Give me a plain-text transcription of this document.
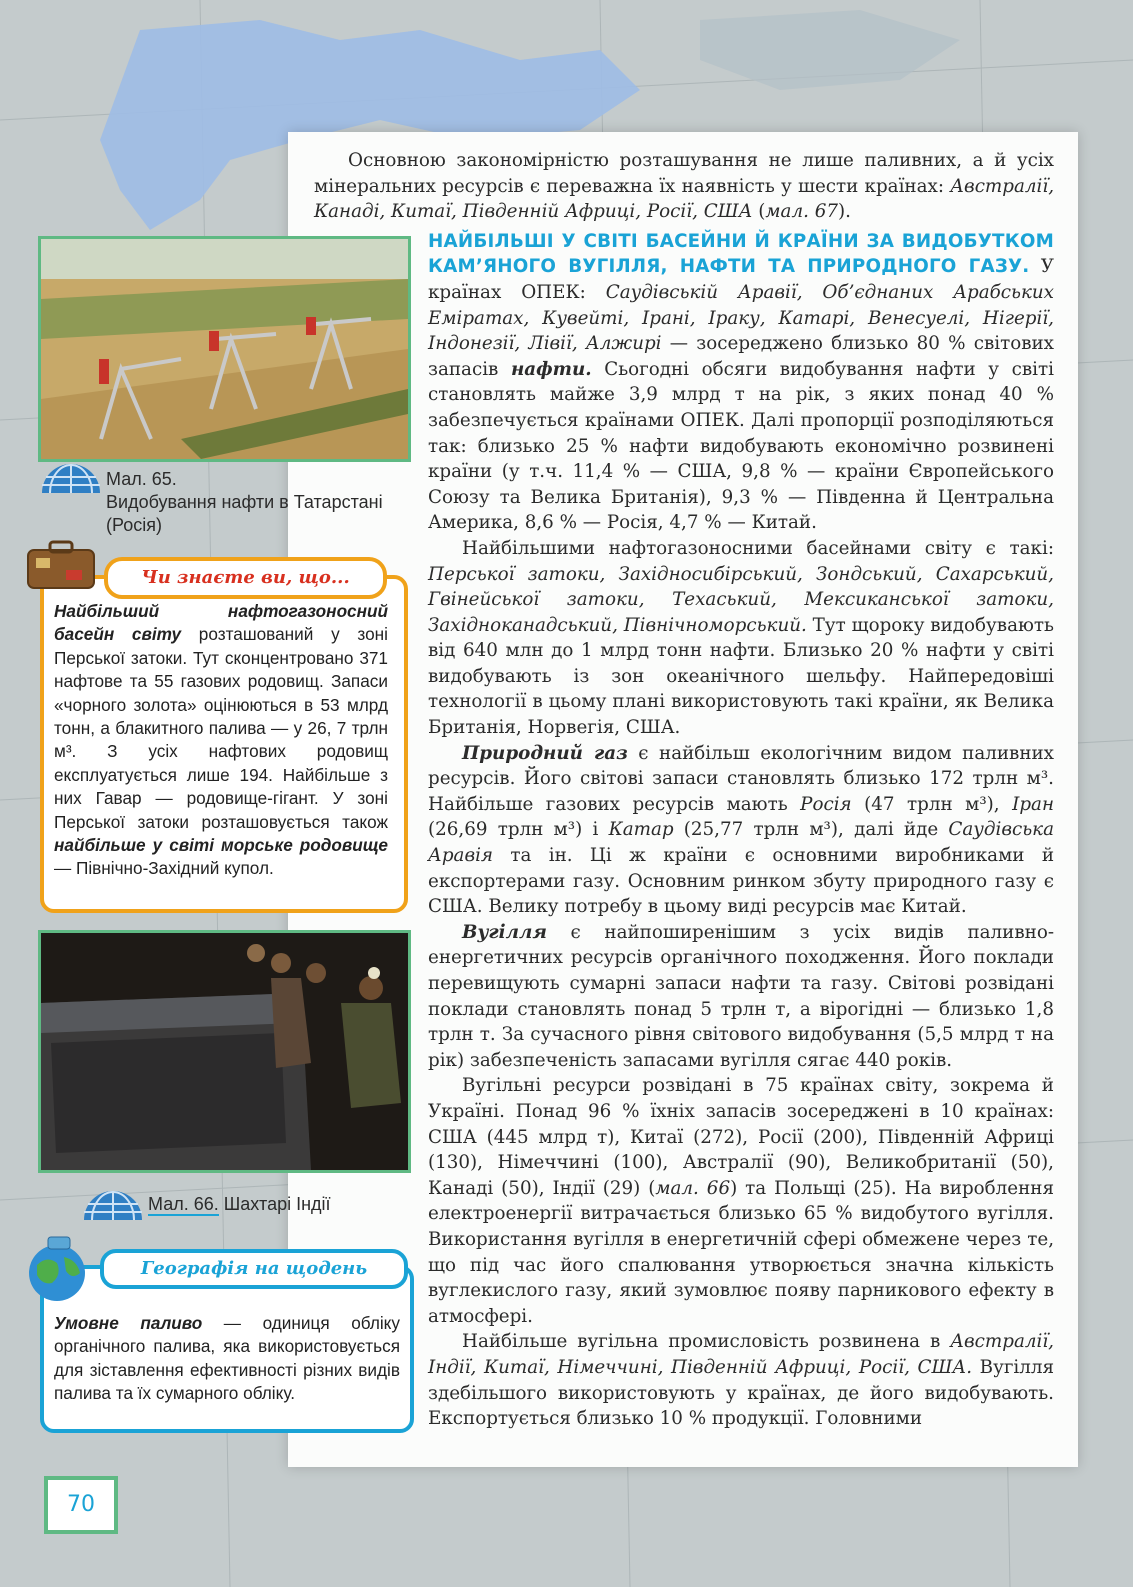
Основною закономірністю розташування не лише паливних, а й усіх мінеральних ресурсів є переважна їх наявність у шести країнах: Австралії, Канаді, Китаї, Південній Африці, Росії, США (мал. 67).

НАЙБІЛЬШІ У СВІТІ БАСЕЙНИ Й КРАЇНИ ЗА ВИДОБУТКОМ КАМ’ЯНОГО ВУГІЛЛЯ, НАФТИ ТА ПРИРОДНОГО ГАЗУ. У країнах ОПЕК: Саудівській Аравії, Об’єднаних Арабських Еміратах, Кувейті, Ірані, Іраку, Катарі, Венесуелі, Нігерії, Індонезії, Лівії, Алжирі — зосереджено близько 80 % світових запасів нафти. Сьогодні обсяги видобування нафти у світі становлять майже 3,9 млрд т на рік, з яких понад 40 % забезпечується країнами ОПЕК. Далі пропорції розподіляються так: близько 25 % нафти видобувають економічно розвинені країни (у т.ч. 11,4 % — США, 9,8 % — країни Європейського Союзу та Велика Британія), 9,3 % — Південна й Центральна Америка, 8,6 % — Росія, 4,7 % — Китай.

Найбільшими нафтогазоносними басейнами світу є такі: Перської затоки, Західносибірський, Зондський, Сахарський, Гвінейської затоки, Техаський, Мексиканської затоки, Західноканадський, Північноморський. Тут щороку видобувають від 640 млн до 1 млрд тонн нафти. Близько 20 % нафти у світі видобувають із зон океанічного шельфу. Найпередовіші технології в цьому плані використовують такі країни, як Велика Британія, Норвегія, США.

Природний газ є найбільш екологічним видом паливних ресурсів. Його світові запаси становлять близько 172 трлн м³. Найбільше газових ресурсів мають Росія (47 трлн м³), Іран (26,69 трлн м³) і Катар (25,77 трлн м³), далі йде Саудівська Аравія та ін. Ці ж країни є основними виробниками й експортерами газу. Основним ринком збуту природного газу є США. Велику потребу в цьому виді ресурсів має Китай.

Вугілля є найпоширенішим з усіх видів паливно-енергетичних ресурсів органічного походження. Його поклади перевищують сумарні запаси нафти та газу. Світові розвідані поклади становлять понад 5 трлн т, а вірогідні — близько 1,8 трлн т. За сучасного рівня світового видобування (5,5 млрд т на рік) забезпеченість запасами вугілля сягає 440 років.

Вугільні ресурси розвідані в 75 країнах світу, зокрема й Україні. Понад 96 % їхніх запасів зосереджені в 10 країнах: США (445 млрд т), Китаї (272), Росії (200), Південній Африці (130), Німеччині (100), Австралії (90), Великобританії (50), Канаді (50), Індії (29) (мал. 66) та Польщі (25). На вироблення електроенергії витрачається близько 65 % видобутого вугілля. Використання вугілля в енергетичній сфері обмежене через те, що під час його спалювання утворюється значна кількість вуглекислого газу, який зумовлює появу парникового ефекту в атмосфері.

Найбільше вугільна промисловість розвинена в Австралії, Індії, Китаї, Німеччині, Південній Африці, Росії, США. Вугілля здебільшого використовують у країнах, де його видобувають. Експортується близько 10 % продукції. Головними

Мал. 65.
Видобування нафти в Татарстані (Росія)
Чи знаєте ви, що...
Найбільший нафтогазоносний басейн світу розташований у зоні Перської затоки. Тут сконцентровано 371 нафтове та 55 газових родовищ. Запаси «чорного золота» оцінюються в 53 млрд тонн, а блакитного палива — у 26, 7 трлн м³. З усіх нафтових родовищ експлуатується лише 194. Найбільше з них Гавар — родовище-гігант. У зоні Перської затоки розташовується також найбільше у світі морське родовище — Північно-Західний купол.
Мал. 66. Шахтарі Індії
Географія на щодень
Умовне паливо — одиниця обліку органічного палива, яка використовується для зіставлення ефективності різних видів палива та їх сумарного обліку.
70
